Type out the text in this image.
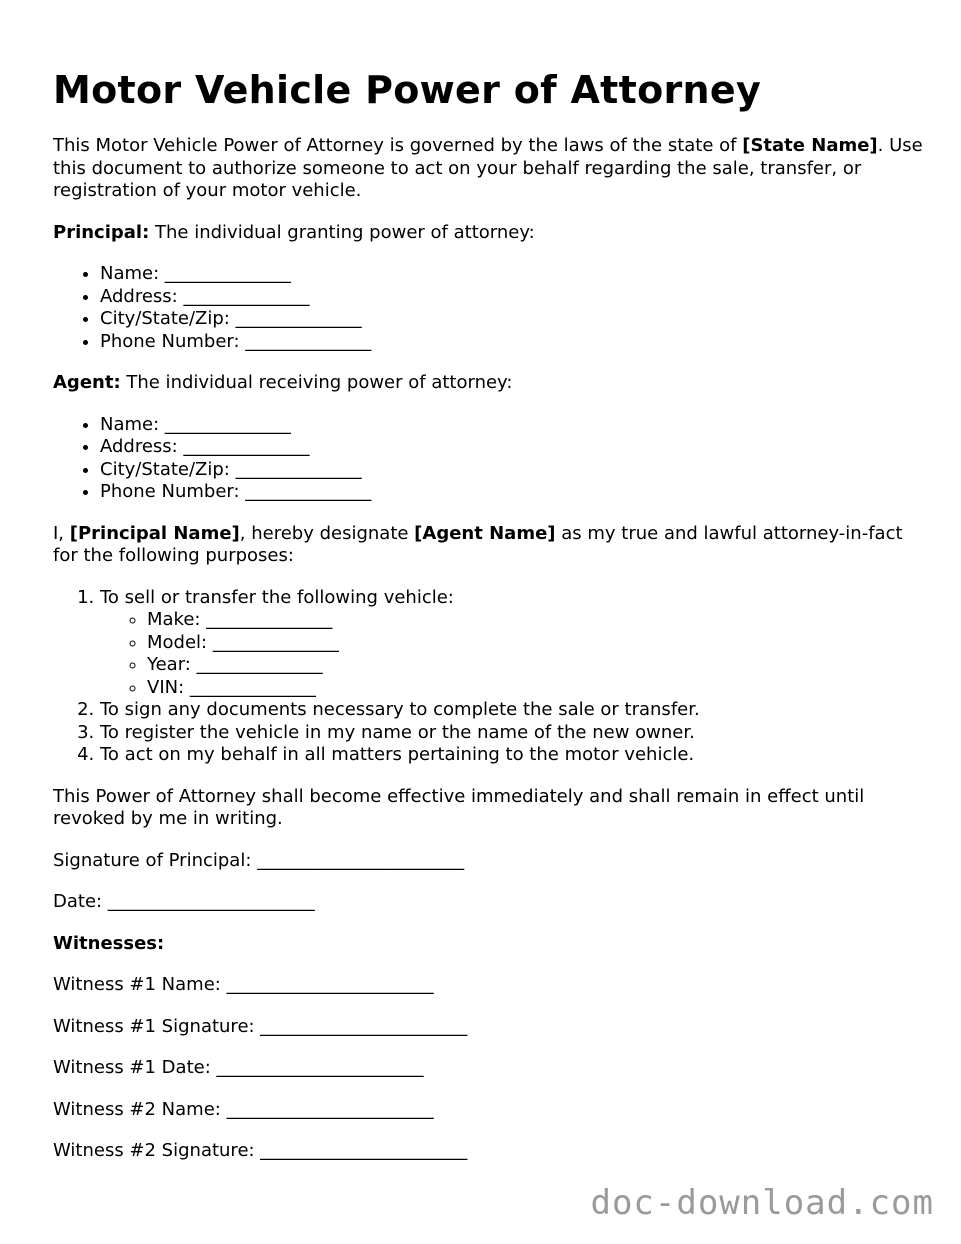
Motor Vehicle Power of Attorney

This Motor Vehicle Power of Attorney is governed by the laws of the state of [State Name]. Use this document to authorize someone to act on your behalf regarding the sale, transfer, or registration of your motor vehicle.

Principal: The individual granting power of attorney:

• Name: ______________
• Address: ______________
• City/State/Zip: ______________
• Phone Number: ______________

Agent: The individual receiving power of attorney:

• Name: ______________
• Address: ______________
• City/State/Zip: ______________
• Phone Number: ______________

I, [Principal Name], hereby designate [Agent Name] as my true and lawful attorney-in-fact for the following purposes:

1. To sell or transfer the following vehicle:
◦ Make: ______________
◦ Model: ______________
◦ Year: ______________
◦ VIN: ______________
2. To sign any documents necessary to complete the sale or transfer.
3. To register the vehicle in my name or the name of the new owner.
4. To act on my behalf in all matters pertaining to the motor vehicle.

This Power of Attorney shall become effective immediately and shall remain in effect until revoked by me in writing.

Signature of Principal: _______________________

Date: _______________________

Witnesses:

Witness #1 Name: _______________________

Witness #1 Signature: _______________________

Witness #1 Date: _______________________

Witness #2 Name: _______________________

Witness #2 Signature: _______________________

doc-download.com
